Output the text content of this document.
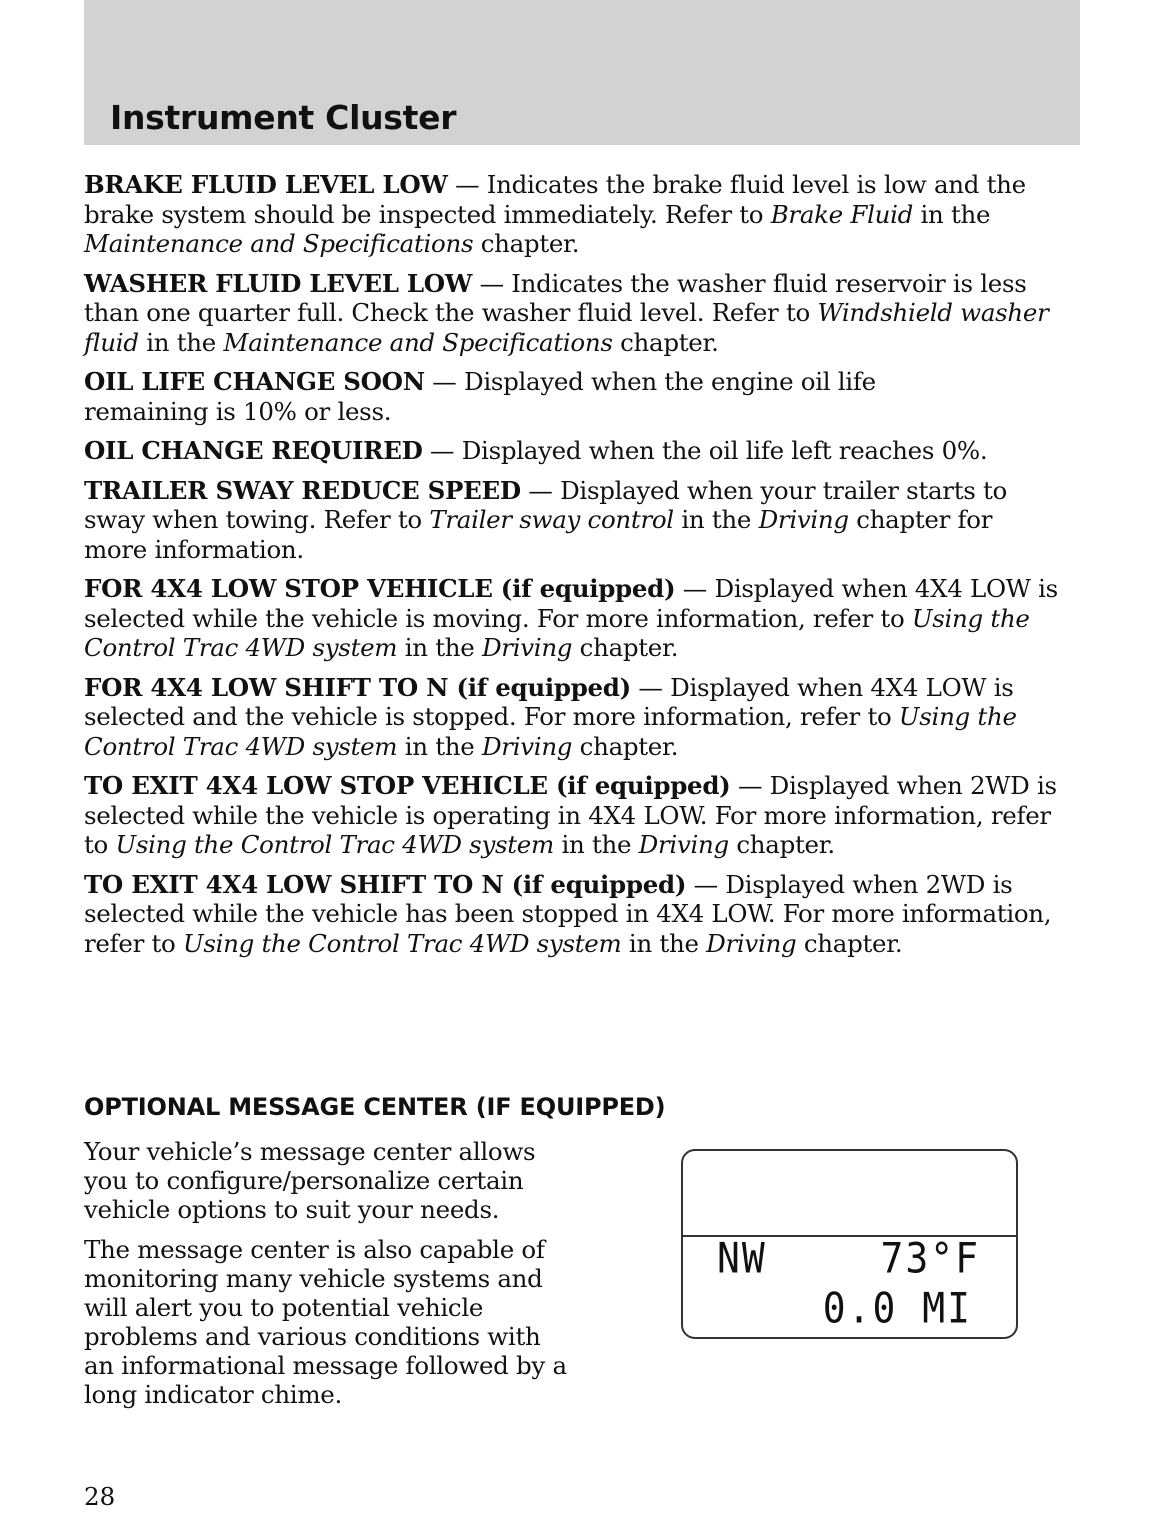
Instrument Cluster

BRAKE FLUID LEVEL LOW — Indicates the brake fluid level is low and the brake system should be inspected immediately. Refer to Brake Fluid in the Maintenance and Specifications chapter.

WASHER FLUID LEVEL LOW — Indicates the washer fluid reservoir is less than one quarter full. Check the washer fluid level. Refer to Windshield washer fluid in the Maintenance and Specifications chapter.

OIL LIFE CHANGE SOON — Displayed when the engine oil life remaining is 10% or less.

OIL CHANGE REQUIRED — Displayed when the oil life left reaches 0%.

TRAILER SWAY REDUCE SPEED — Displayed when your trailer starts to sway when towing. Refer to Trailer sway control in the Driving chapter for more information.

FOR 4X4 LOW STOP VEHICLE (if equipped) — Displayed when 4X4 LOW is selected while the vehicle is moving. For more information, refer to Using the Control Trac 4WD system in the Driving chapter.

FOR 4X4 LOW SHIFT TO N (if equipped) — Displayed when 4X4 LOW is selected and the vehicle is stopped. For more information, refer to Using the Control Trac 4WD system in the Driving chapter.

TO EXIT 4X4 LOW STOP VEHICLE (if equipped) — Displayed when 2WD is selected while the vehicle is operating in 4X4 LOW. For more information, refer to Using the Control Trac 4WD system in the Driving chapter.

TO EXIT 4X4 LOW SHIFT TO N (if equipped) — Displayed when 2WD is selected while the vehicle has been stopped in 4X4 LOW. For more information, refer to Using the Control Trac 4WD system in the Driving chapter.

OPTIONAL MESSAGE CENTER (IF EQUIPPED)

Your vehicle’s message center allows you to configure/personalize certain vehicle options to suit your needs.

The message center is also capable of monitoring many vehicle systems and will alert you to potential vehicle problems and various conditions with an informational message followed by a long indicator chime.

NW	73°F
0.0 MI
28
